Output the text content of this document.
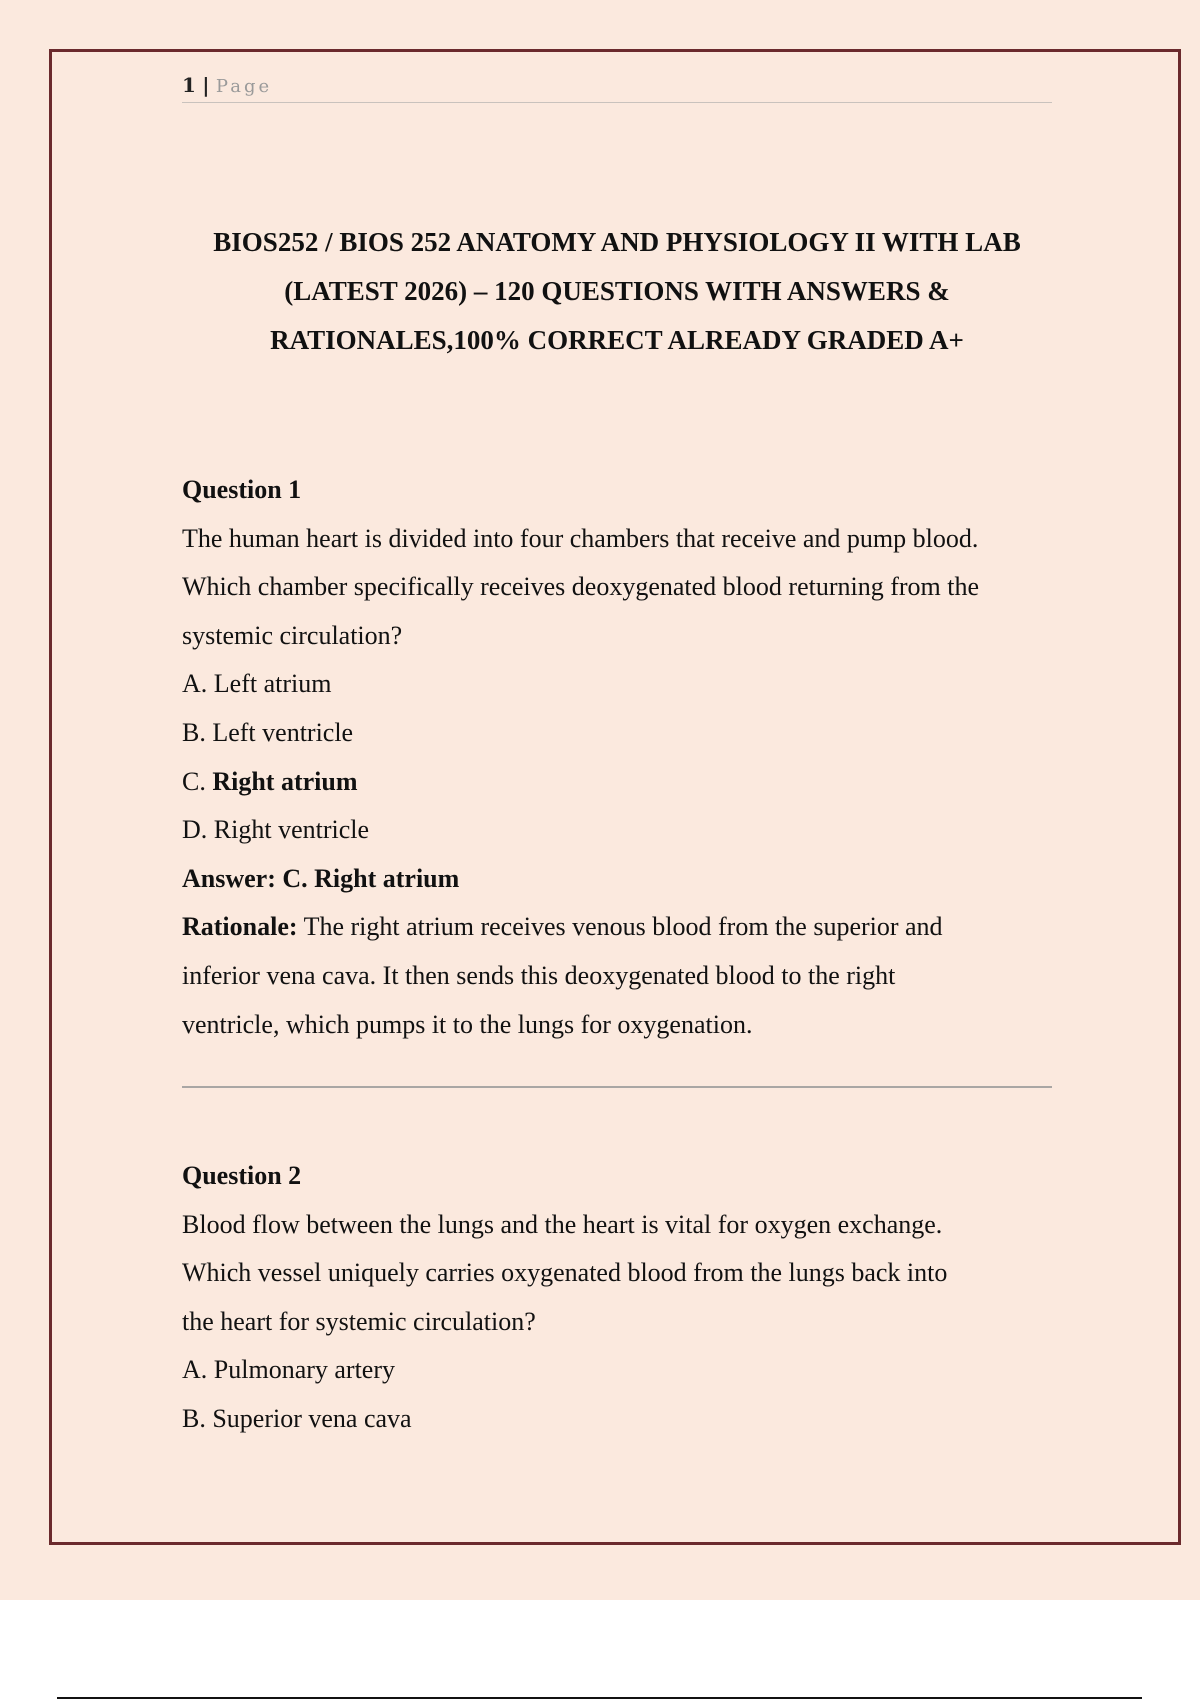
1 | Page
BIOS252 / BIOS 252 ANATOMY AND PHYSIOLOGY II WITH LAB
(LATEST 2026) – 120 QUESTIONS WITH ANSWERS &
RATIONALES,100% CORRECT ALREADY GRADED A+
Question 1
The human heart is divided into four chambers that receive and pump blood.
Which chamber specifically receives deoxygenated blood returning from the
systemic circulation?
A. Left atrium
B. Left ventricle
C. Right atrium
D. Right ventricle
Answer: C. Right atrium
Rationale: The right atrium receives venous blood from the superior and
inferior vena cava. It then sends this deoxygenated blood to the right
ventricle, which pumps it to the lungs for oxygenation.
Question 2
Blood flow between the lungs and the heart is vital for oxygen exchange.
Which vessel uniquely carries oxygenated blood from the lungs back into
the heart for systemic circulation?
A. Pulmonary artery
B. Superior vena cava
